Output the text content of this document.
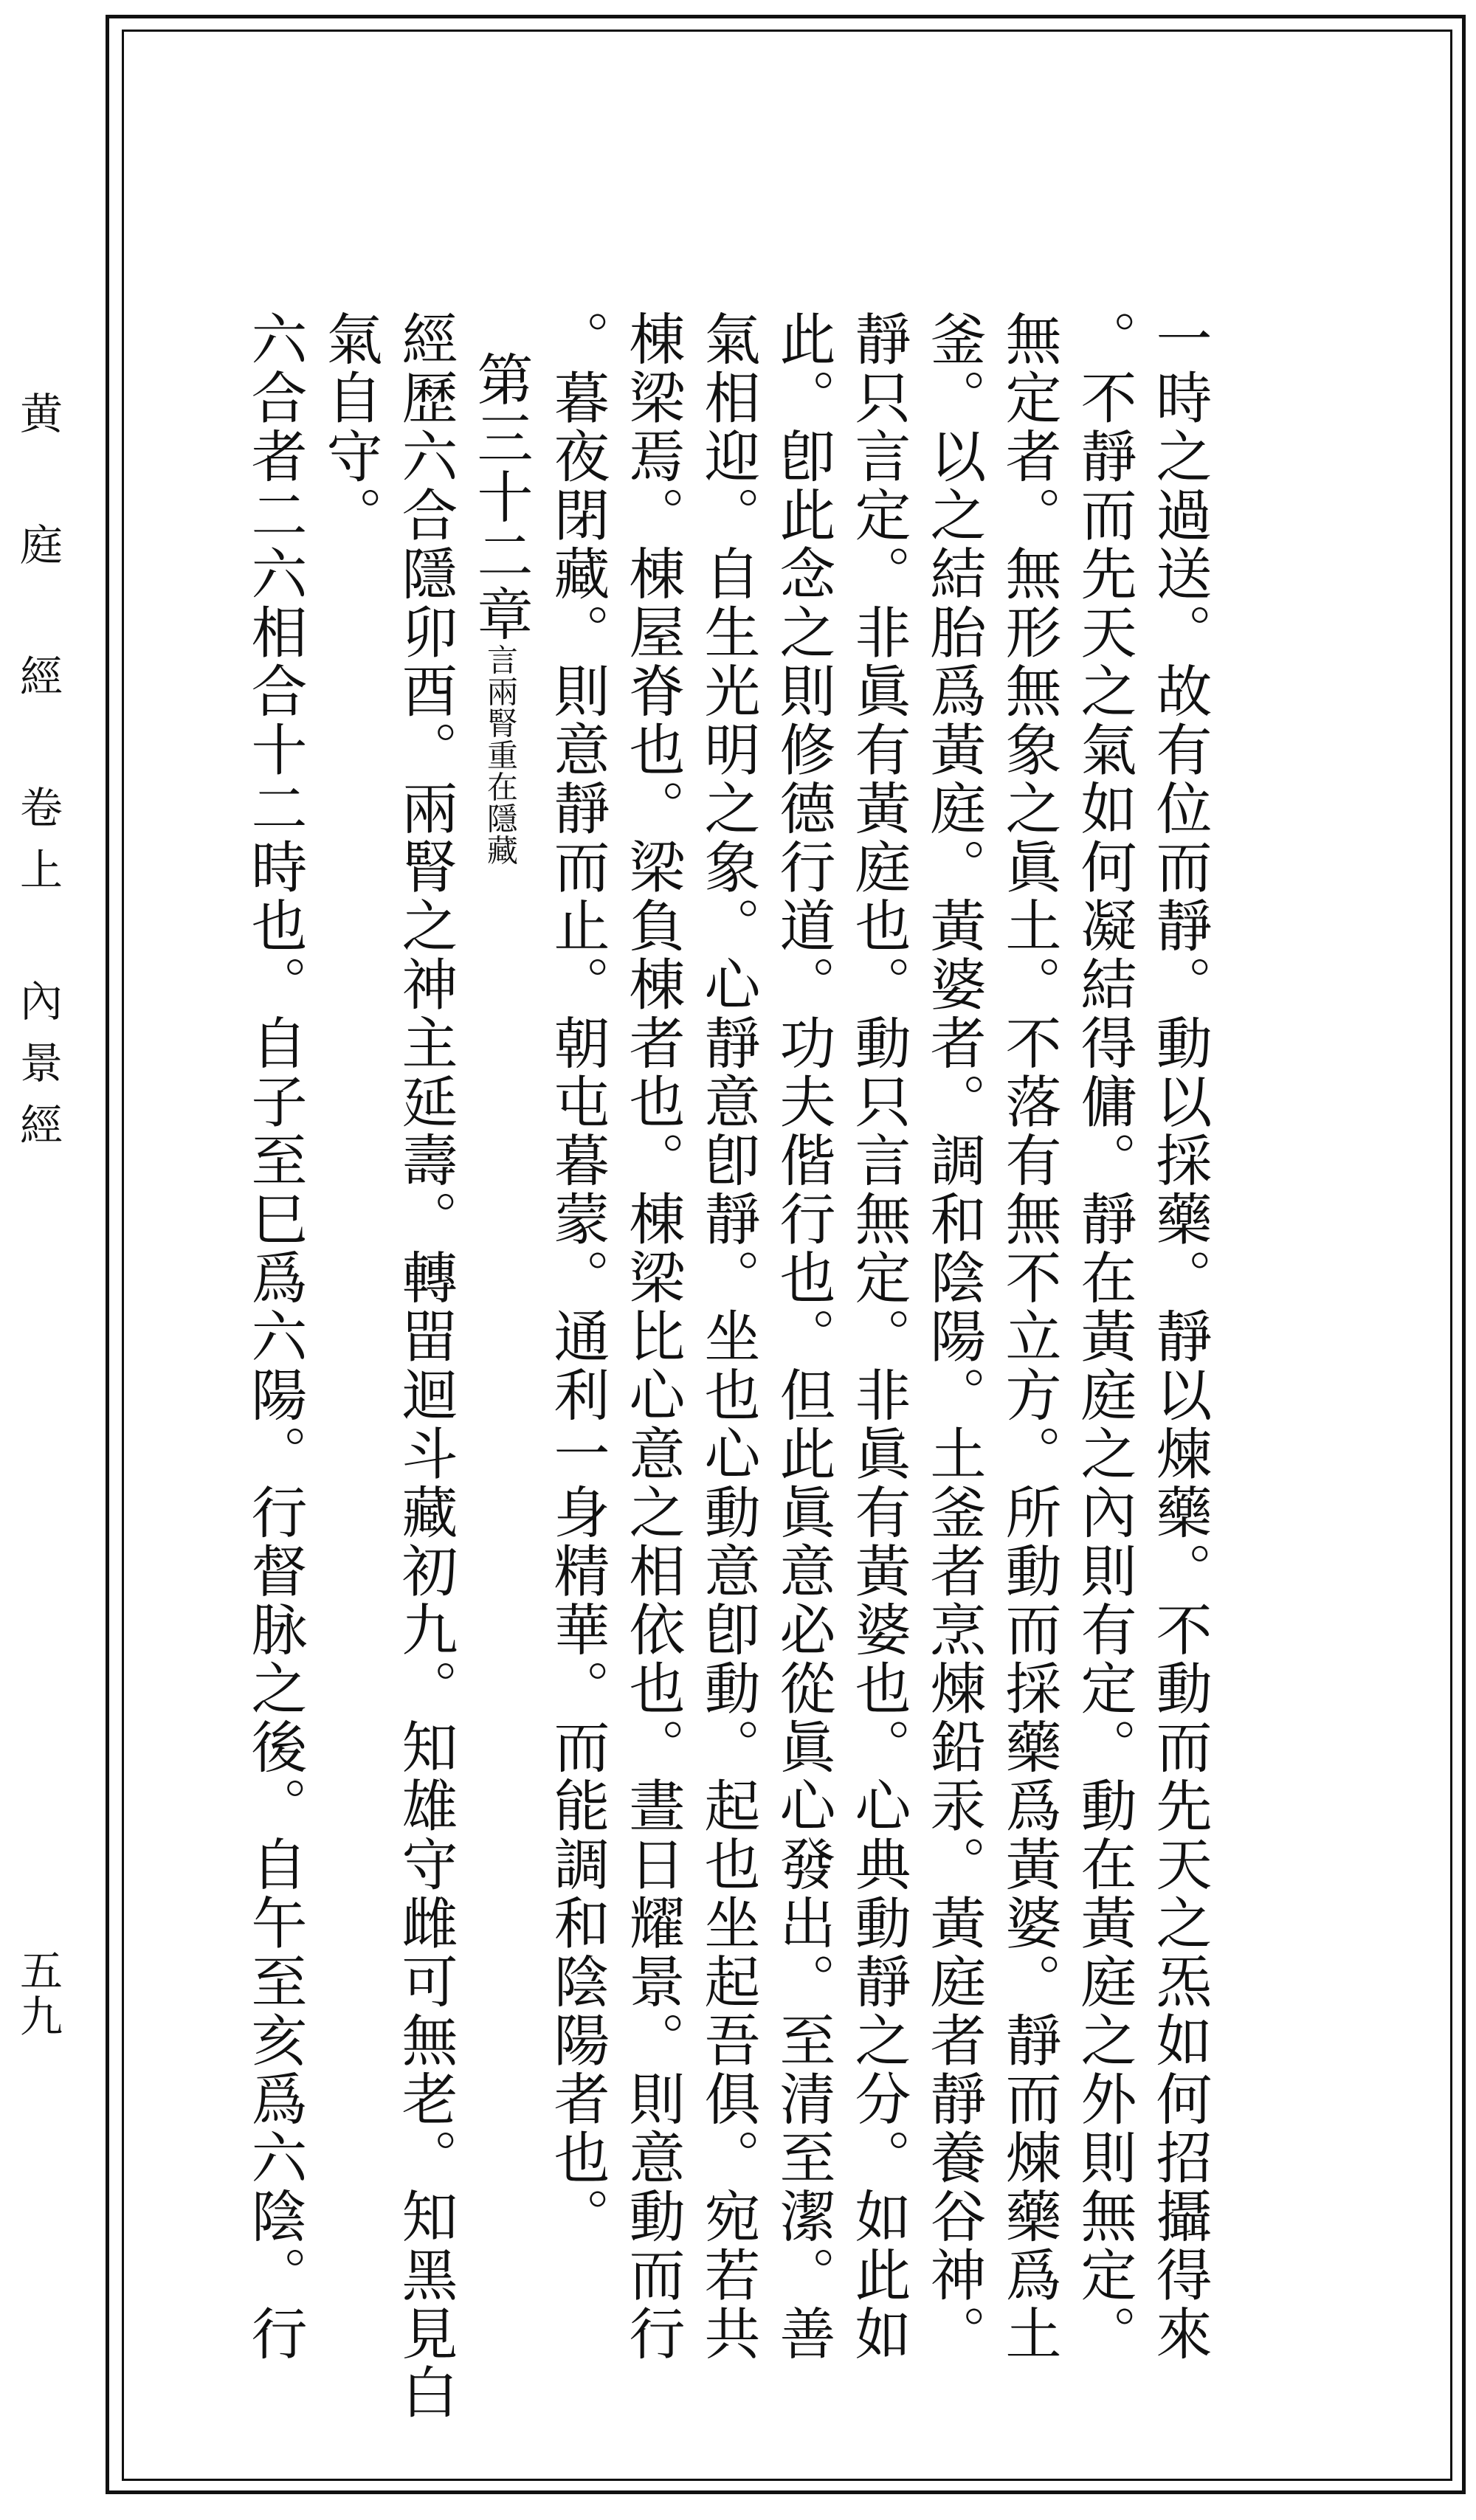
黄 庭 經 卷上 內景經
五九	一時之過送。故有位而靜。動以採藥。靜以煉藥。不動而先天之炁如何招攝得來
。不靜而先天之氣如何凝結得傭。靜在黃庭之內則有定。動在黃庭之外則無定。
無定者。無形無象之眞土。不落有無不立方。所動而採藥爲黃婆。靜而煉藥爲土
釜。以之結胎爲黃庭。黃婆者。調和陰陽。土釜者烹煉鉛汞。黃庭者靜養谷神。
靜只言定。非眞有黃庭也。動只言無定。非眞有黃婆也。心典動靜之分。如此如
此。卽此念之則修德行道。功夫偕行也。但此眞意必從眞心發出。至清至潔。善
氣相迎。自生光明之象。心靜意卽靜。坐也心動意卽動。起也坐起吾俱。宛若共
棟梁焉。棟屋脊也。梁負棟者也。棟梁比心意之相依也。晝日耀景。則意動而行
。暮夜閉藏。則意靜而止。朝屯暮蒙。通利一身精華。而能調和陰陽者也。
第三十二章言兩腎重在隱藏
經歷六合隱卯酉。兩腎之神主延壽。轉㽞迴斗藏初九。知雄守雌可無老。知黑見白
氣自守。
六合者二六相合十二時也。自子至巳爲六陽。行督脉之後。自午至亥爲六陰。行
